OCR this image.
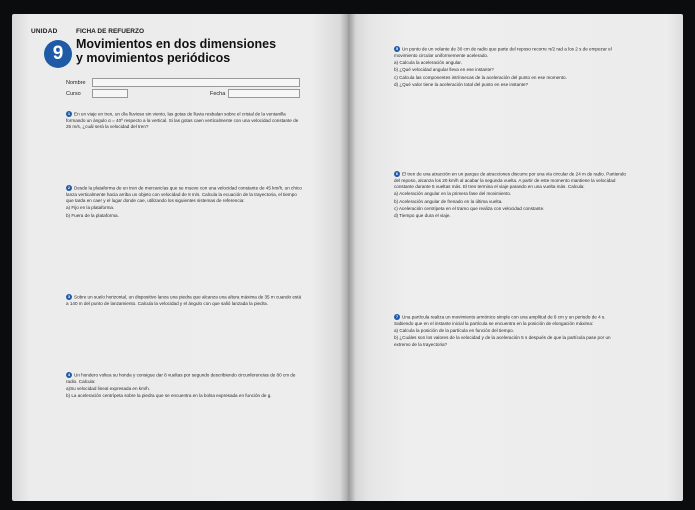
UNIDAD	FICHA DE REFUERZO
9	Movimientos en dos dimensiones
y movimientos periódicos
Nombre
Curso	Fecha
1 En un viaje en tren, un día lluvioso sin viento, las gotas de lluvia resbalan sobre el cristal de la ventanilla formando un ángulo α = 40º respecto a la vertical. Si las gotas caen verticalmente con una velocidad constante de 25 m/s, ¿cuál será la velocidad del tren?
2 Desde la plataforma de un tren de mercancías que se mueve con una velocidad constante de 45 km/h, un chico lanza verticalmente hacia arriba un objeto con velocidad de 8 m/s. Calcula la ecuación de la trayectoria, el tiempo que tarda en caer y el lugar donde cae, utilizando los siguientes sistemas de referencia:
a) Fijo en la plataforma.
b) Fuera de la plataforma.
3 Sobre un suelo horizontal, un dispositivo lanza una piedra que alcanza una altura máxima de 35 m cuando está a 140 m del punto de lanzamiento. Calcula la velocidad y el ángulo con que salió lanzada la piedra.
4 Un hondero voltea su honda y consigue dar 8 vueltas por segundo describiendo circunferencias de 80 cm de radio. Calcula:
a)Su velocidad lineal expresada en km/h.
b) La aceleración centrípeta sobre la piedra que se encuentra en la bolsa expresada en función de g.
5 Un punto de un volante de 30 cm de radio que parte del reposo recorre π/2 rad a los 2 s de empezar el movimiento circular uniformemente acelerado.
a) Calcula la aceleración angular.
b) ¿Qué velocidad angular lleva en ese instante?
c) Calcula las componentes intrínsecas de la aceleración del punto en ese momento.
d) ¿Qué valor tiene la aceleración total del punto en ese instante?
6 El tren de una atracción en un parque de atracciones discurre por una vía circular de 24 m de radio. Partiendo del reposo, alcanza los 20 km/h al acabar la segunda vuelta. A partir de este momento mantiene la velocidad constante durante 5 vueltas más. El tren termina el viaje parando en una vuelta más. Calcula:
a) Aceleración angular en la primera fase del movimiento.
b) Aceleración angular de frenado en la última vuelta.
c) Aceleración centrípeta en el tramo que realiza con velocidad constante.
d) Tiempo que dura el viaje.
7 Una partícula realiza un movimiento armónico simple con una amplitud de 8 cm y un periodo de 4 s. Sabiendo que en el instante inicial la partícula se encuentra en la posición de elongación máxima:
a) Calcula la posición de la partícula en función del tiempo.
b) ¿Cuáles son los valores de la velocidad y de la aceleración 5 s después de que la partícula pase por un extremo de la trayectoria?
